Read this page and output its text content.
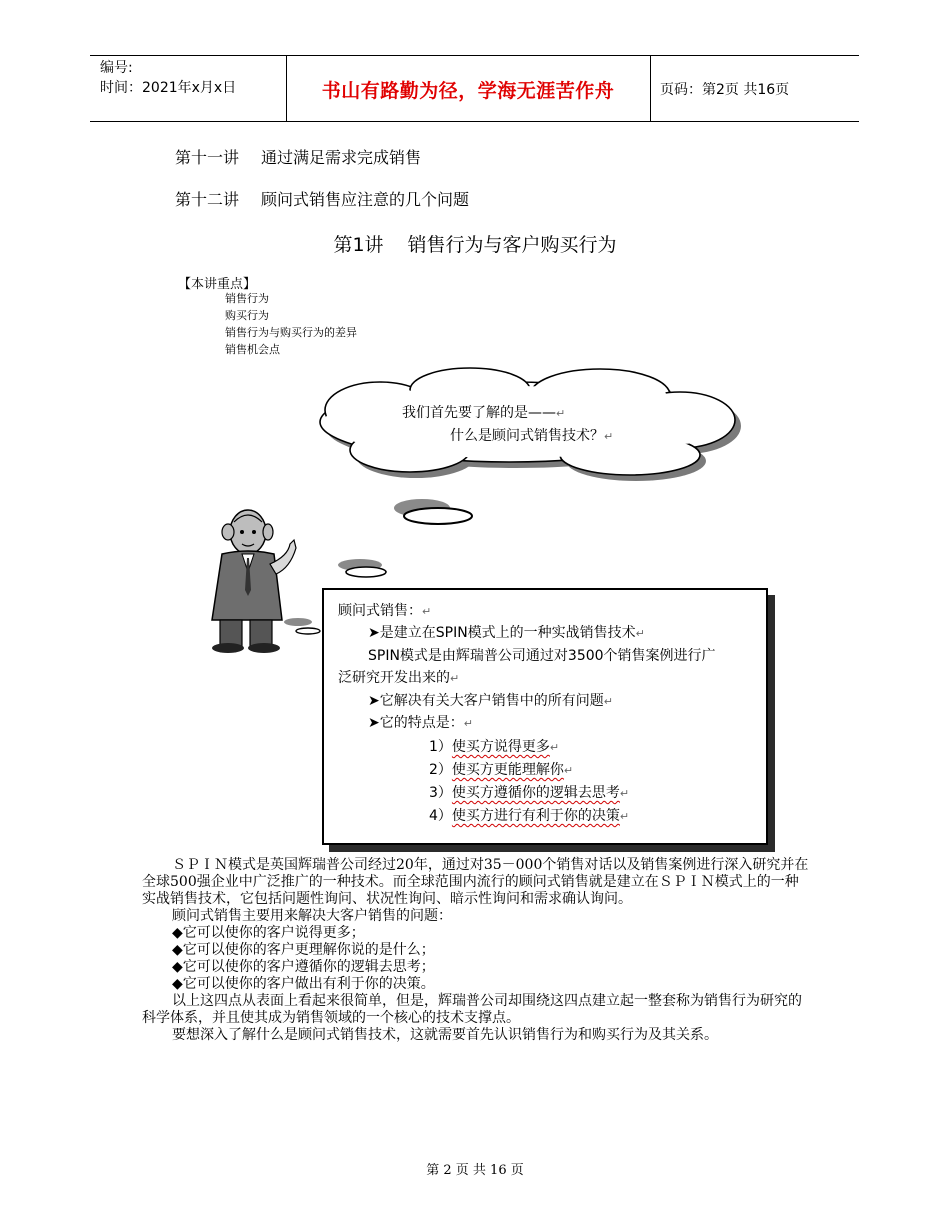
编号:
时间：2021年x月x日	书山有路勤为径，学海无涯苦作舟	页码：第2页 共16页
第十一讲 通过满足需求完成销售
第十二讲 顾问式销售应注意的几个问题
第1讲 销售行为与客户购买行为
【本讲重点】
销售行为
购买行为
销售行为与购买行为的差异
销售机会点
我们首先要了解的是——↵
什么是顾问式销售技术？↵
顾问式销售：↵
➤是建立在SPIN模式上的一种实战销售技术↵
SPIN模式是由辉瑞普公司通过对3500个销售案例进行广
泛研究开发出来的↵
➤它解决有关大客户销售中的所有问题↵
➤它的特点是：↵
1）使买方说得更多↵
2）使买方更能理解你↵
3）使买方遵循你的逻辑去思考↵
4）使买方进行有利于你的决策↵

ＳＰＩＮ模式是英国辉瑞普公司经过20年，通过对35－000个销售对话以及销售案例进行深入研究并在全球500强企业中广泛推广的一种技术。而全球范围内流行的顾问式销售就是建立在ＳＰＩＮ模式上的一种实战销售技术，它包括问题性询问、状况性询问、暗示性询问和需求确认询问。

顾问式销售主要用来解决大客户销售的问题：

◆它可以使你的客户说得更多；

◆它可以使你的客户更理解你说的是什么；

◆它可以使你的客户遵循你的逻辑去思考；

◆它可以使你的客户做出有利于你的决策。

以上这四点从表面上看起来很简单，但是，辉瑞普公司却围绕这四点建立起一整套称为销售行为研究的科学体系，并且使其成为销售领域的一个核心的技术支撑点。

要想深入了解什么是顾问式销售技术，这就需要首先认识销售行为和购买行为及其关系。

第 2 页 共 16 页
